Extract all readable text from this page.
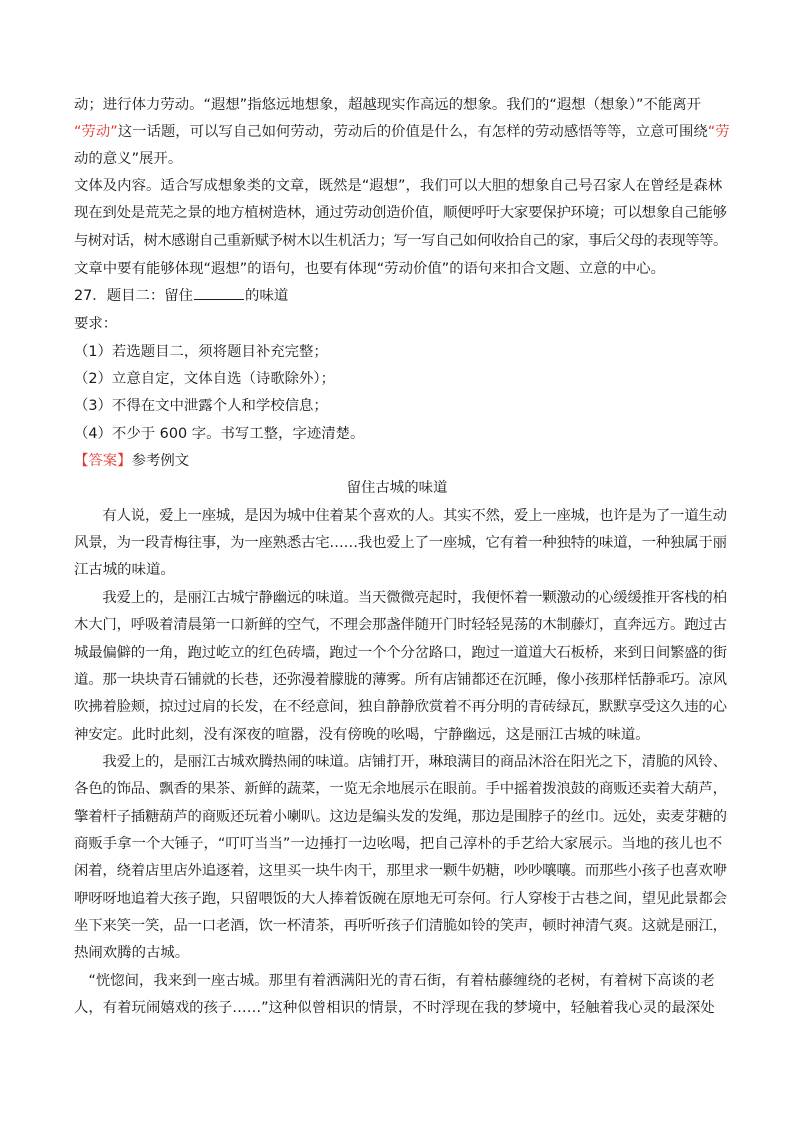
动；进行体力劳动。“遐想”指悠远地想象，超越现实作高远的想象。我们的“遐想（想象）”不能离开
“劳动”这一话题，可以写自己如何劳动，劳动后的价值是什么，有怎样的劳动感悟等等，立意可围绕“劳
动的意义”展开。
文体及内容。适合写成想象类的文章，既然是“遐想”，我们可以大胆的想象自己号召家人在曾经是森林
现在到处是荒芜之景的地方植树造林，通过劳动创造价值，顺便呼吁大家要保护环境；可以想象自己能够
与树对话，树木感谢自己重新赋予树木以生机活力；写一写自己如何收拾自己的家，事后父母的表现等等。
文章中要有能够体现“遐想”的语句，也要有体现“劳动价值”的语句来扣合文题、立意的中心。
27．题目二：留住	的味道
要求：
（1）若选题目二，须将题目补充完整；
（2）立意自定，文体自选（诗歌除外）；
（3）不得在文中泄露个人和学校信息；
（4）不少于 600 字。书写工整，字迹清楚。
【答案】参考例文
留住古城的味道
　　有人说，爱上一座城，是因为城中住着某个喜欢的人。其实不然，爱上一座城，也许是为了一道生动
风景，为一段青梅往事，为一座熟悉古宅……我也爱上了一座城，它有着一种独特的味道，一种独属于丽
江古城的味道。
　　我爱上的，是丽江古城宁静幽远的味道。当天微微亮起时，我便怀着一颗激动的心缓缓推开客栈的柏
木大门，呼吸着清晨第一口新鲜的空气，不理会那盏伴随开门时轻轻晃荡的木制藤灯，直奔远方。跑过古
城最偏僻的一角，跑过屹立的红色砖墙，跑过一个个分岔路口，跑过一道道大石板桥，来到日间繁盛的街
道。那一块块青石铺就的长巷，还弥漫着朦胧的薄雾。所有店铺都还在沉睡，像小孩那样恬静乖巧。凉风
吹拂着脸颊，掠过过肩的长发，在不经意间，独自静静欣赏着不再分明的青砖绿瓦，默默享受这久违的心
神安定。此时此刻，没有深夜的喧嚣，没有傍晚的吆喝，宁静幽远，这是丽江古城的味道。
　　我爱上的，是丽江古城欢腾热闹的味道。店铺打开，琳琅满目的商品沐浴在阳光之下，清脆的风铃、
各色的饰品、飘香的果茶、新鲜的蔬菜，一览无余地展示在眼前。手中摇着拨浪鼓的商贩还卖着大葫芦，
擎着杆子插糖葫芦的商贩还玩着小喇叭。这边是编头发的发绳，那边是围脖子的丝巾。远处，卖麦芽糖的
商贩手拿一个大锤子，“叮叮当当”一边捶打一边吆喝，把自己淳朴的手艺给大家展示。当地的孩儿也不
闲着，绕着店里店外追逐着，这里买一块牛肉干，那里求一颗牛奶糖，吵吵嚷嚷。而那些小孩子也喜欢咿
咿呀呀地追着大孩子跑，只留喂饭的大人捧着饭碗在原地无可奈何。行人穿梭于古巷之间，望见此景都会
坐下来笑一笑，品一口老酒，饮一杯清茶，再听听孩子们清脆如铃的笑声，顿时神清气爽。这就是丽江，
热闹欢腾的古城。
　“恍惚间，我来到一座古城。那里有着洒满阳光的青石街，有着枯藤缠绕的老树，有着树下高谈的老
人，有着玩闹嬉戏的孩子……”这种似曾相识的情景，不时浮现在我的梦境中，轻触着我心灵的最深处
